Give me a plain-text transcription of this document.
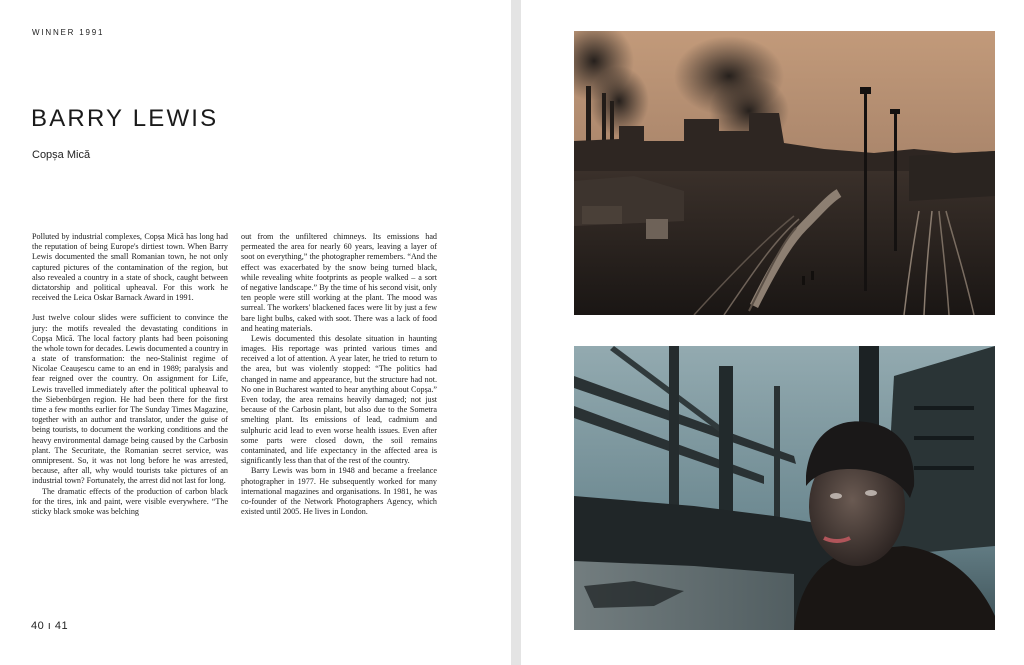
WINNER 1991
BARRY LEWIS
Copșa Mică

Polluted by industrial complexes, Copșa Mică has long had the reputation of being Europe's dirtiest town. When Barry Lewis documented the small Romanian town, he not only captured pictures of the contamination of the region, but also revealed a country in a state of shock, caught between dictatorship and political upheaval. For this work he received the Leica Oskar Barnack Award in 1991.

Just twelve colour slides were sufficient to convince the jury: the motifs revealed the devastating conditions in Copșa Mică. The local factory plants had been poisoning the whole town for decades. Lewis documented a country in a state of transformation: the neo-Stalinist regime of Nicolae Ceaușescu came to an end in 1989; paralysis and fear reigned over the country. On assignment for Life, Lewis travelled immediately after the political upheaval to the Siebenbürgen region. He had been there for the first time a few months earlier for The Sunday Times Magazine, together with an author and translator, under the guise of being tourists, to document the working conditions and the heavy environmental damage being caused by the Carbosin plant. The Securitate, the Romanian secret service, was omnipresent. So, it was not long before he was arrested, because, after all, why would tourists take pictures of an industrial town? Fortunately, the arrest did not last for long.

The dramatic effects of the production of carbon black for the tires, ink and paint, were visible everywhere. “The sticky black smoke was belching

out from the unfiltered chimneys. Its emissions had permeated the area for nearly 60 years, leaving a layer of soot on everything,” the photographer remembers. “And the effect was exacerbated by the snow being turned black, while revealing white footprints as people walked – a sort of negative landscape.” By the time of his second visit, only ten people were still working at the plant. The mood was surreal. The workers' blackened faces were lit by just a few bare light bulbs, caked with soot. There was a lack of food and heating materials.

Lewis documented this desolate situation in haunting images. His reportage was printed various times and received a lot of attention. A year later, he tried to return to the area, but was violently stopped: “The politics had changed in name and appearance, but the structure had not. No one in Bucharest wanted to hear anything about Copșa.” Even today, the area remains heavily damaged; not just because of the Carbosin plant, but also due to the Sometra smelting plant. Its emissions of lead, cadmium and sulphuric acid lead to even worse health issues. Even after some parts were closed down, the soil remains contaminated, and life expectancy in the affected area is significantly less than that of the rest of the country.

Barry Lewis was born in 1948 and became a freelance photographer in 1977. He subsequently worked for many international magazines and organisations. In 1981, he was co-founder of the Network Photographers Agency, which existed until 2005. He lives in London.

40 ı 41
